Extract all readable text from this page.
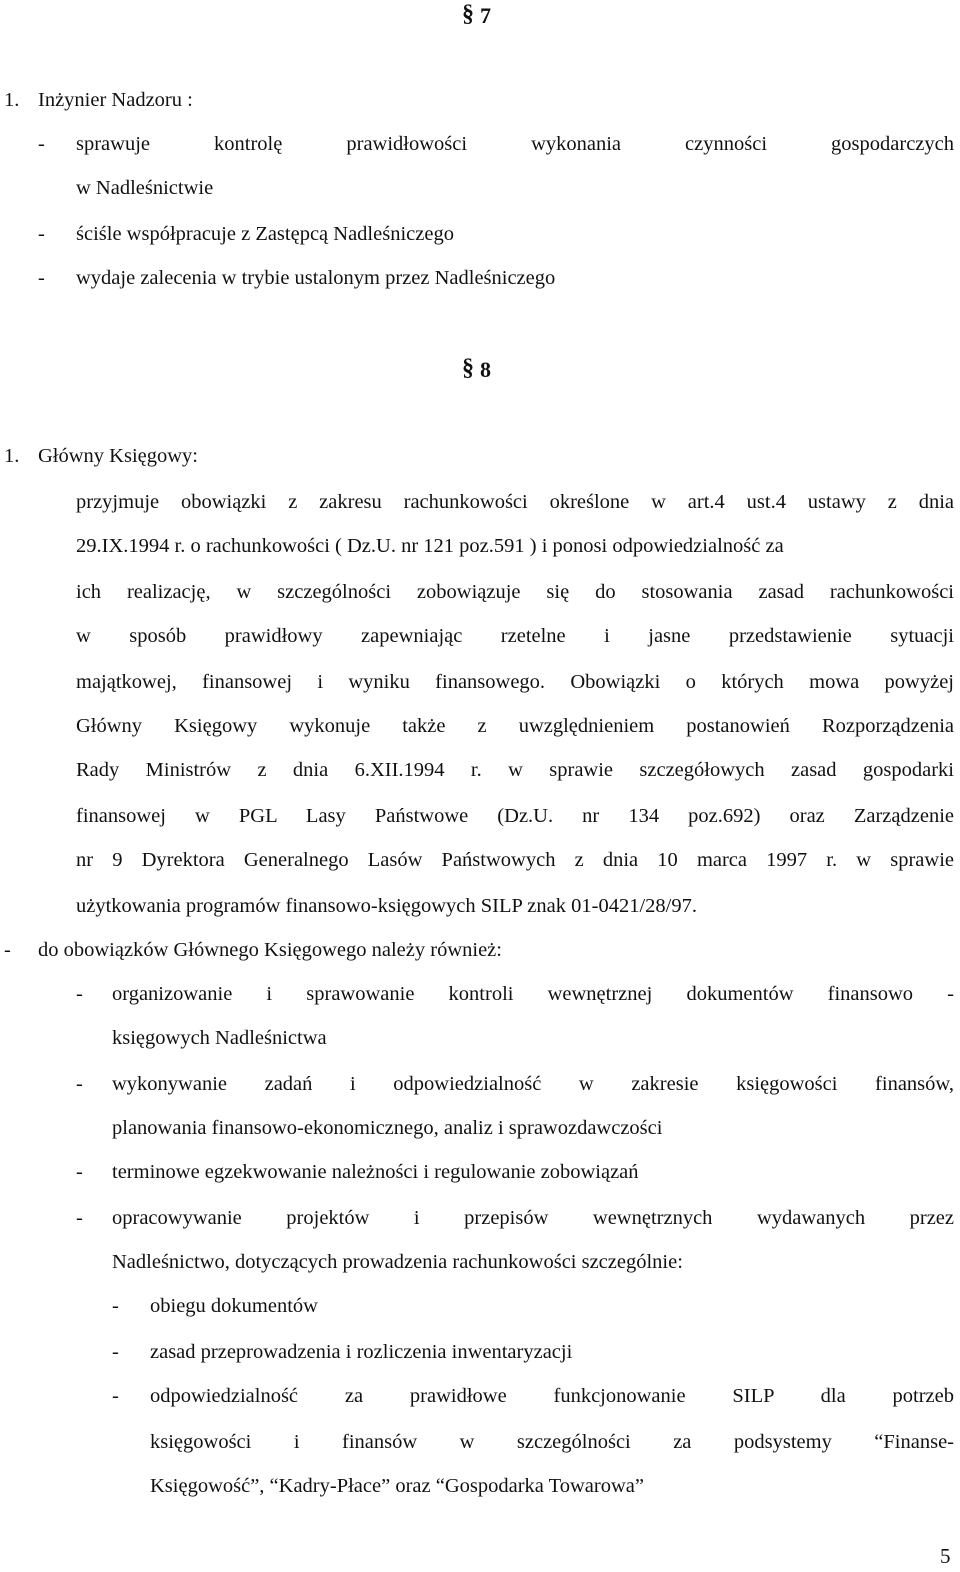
§ 7
1. Inżynier Nadzoru :
- sprawuje kontrolę prawidłowości wykonania czynności gospodarczych
w Nadleśnictwie
- ściśle współpracuje z Zastępcą Nadleśniczego
- wydaje zalecenia w trybie ustalonym przez Nadleśniczego
§ 8
1. Główny Księgowy:
przyjmuje obowiązki z zakresu rachunkowości określone w art.4 ust.4 ustawy z dnia
29.IX.1994 r. o rachunkowości ( Dz.U. nr 121 poz.591 ) i ponosi odpowiedzialność za
ich realizację, w szczególności zobowiązuje się do stosowania zasad rachunkowości
w sposób prawidłowy zapewniając rzetelne i jasne przedstawienie sytuacji
majątkowej, finansowej i wyniku finansowego. Obowiązki o których mowa powyżej
Główny Księgowy wykonuje także z uwzględnieniem postanowień Rozporządzenia
Rady Ministrów z dnia 6.XII.1994 r. w sprawie szczegółowych zasad gospodarki
finansowej w PGL Lasy Państwowe (Dz.U. nr 134 poz.692) oraz Zarządzenie
nr 9 Dyrektora Generalnego Lasów Państwowych z dnia 10 marca 1997 r. w sprawie
użytkowania programów finansowo-księgowych SILP znak 01-0421/28/97.
- do obowiązków Głównego Księgowego należy również:
- organizowanie i sprawowanie kontroli wewnętrznej dokumentów finansowo -
księgowych Nadleśnictwa
- wykonywanie zadań i odpowiedzialność w zakresie księgowości finansów,
planowania finansowo-ekonomicznego, analiz i sprawozdawczości
- terminowe egzekwowanie należności i regulowanie zobowiązań
- opracowywanie projektów i przepisów wewnętrznych wydawanych przez
Nadleśnictwo, dotyczących prowadzenia rachunkowości szczególnie:
- obiegu dokumentów
- zasad przeprowadzenia i rozliczenia inwentaryzacji
- odpowiedzialność za prawidłowe funkcjonowanie SILP dla potrzeb
księgowości i finansów w szczególności za podsystemy “Finanse-
Księgowość”, “Kadry-Płace” oraz “Gospodarka Towarowa”
5
